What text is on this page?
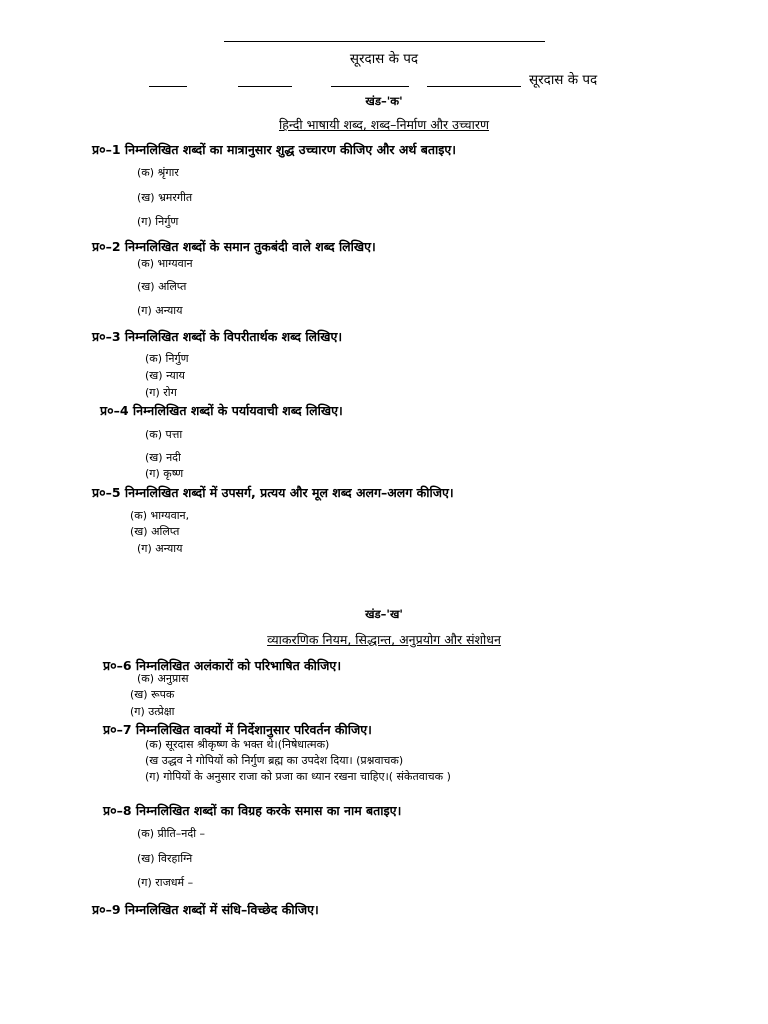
सूरदास के पद
सूरदास के पद
खंड–'क'
हिन्दी भाषायी शब्द, शब्द–निर्माण और उच्चारण
प्र०–1 निम्नलिखित शब्दों का मात्रानुसार शुद्ध उच्चारण कीजिए और अर्थ बताइए।
(क) श्रृंगार
(ख) भ्रमरगीत
(ग) निर्गुण
प्र०–2 निम्नलिखित शब्दों के समान तुकबंदी वाले शब्द लिखिए।
(क) भाग्यवान
(ख) अलिप्त
(ग) अन्याय
प्र०–3 निम्नलिखित शब्दों के विपरीतार्थक शब्द लिखिए।
(क) निर्गुण
(ख) न्याय
(ग) रोग
प्र०–4 निम्नलिखित शब्दों के पर्यायवाची शब्द लिखिए।
(क) पत्ता
(ख) नदी
(ग) कृष्ण
प्र०–5 निम्नलिखित शब्दों में उपसर्ग, प्रत्यय और मूल शब्द अलग–अलग कीजिए।
(क) भाग्यवान,
(ख) अलिप्त
(ग) अन्याय
खंड–'ख'
व्याकरणिक नियम, सिद्धान्त, अनुप्रयोग और संशोधन
प्र०–6 निम्नलिखित अलंकारों को परिभाषित कीजिए।
(क) अनुप्रास
(ख) रूपक
(ग) उत्प्रेक्षा
प्र०–7 निम्नलिखित वाक्यों में निर्देशानुसार परिवर्तन कीजिए।
(क) सूरदास श्रीकृष्ण के भक्त थे।(निषेधात्मक)
(ख उद्धव ने गोपियों को निर्गुण ब्रह्म का उपदेश दिया। (प्रश्नवाचक)
(ग) गोपियों के अनुसार राजा को प्रजा का ध्यान रखना चाहिए।( संकेतवाचक )
प्र०–8 निम्नलिखित शब्दों का विग्रह करके समास का नाम बताइए।
(क) प्रीति–नदी –
(ख) विरहाग्नि
(ग) राजधर्म –
प्र०–9 निम्नलिखित शब्दों में संधि–विच्छेद कीजिए।
